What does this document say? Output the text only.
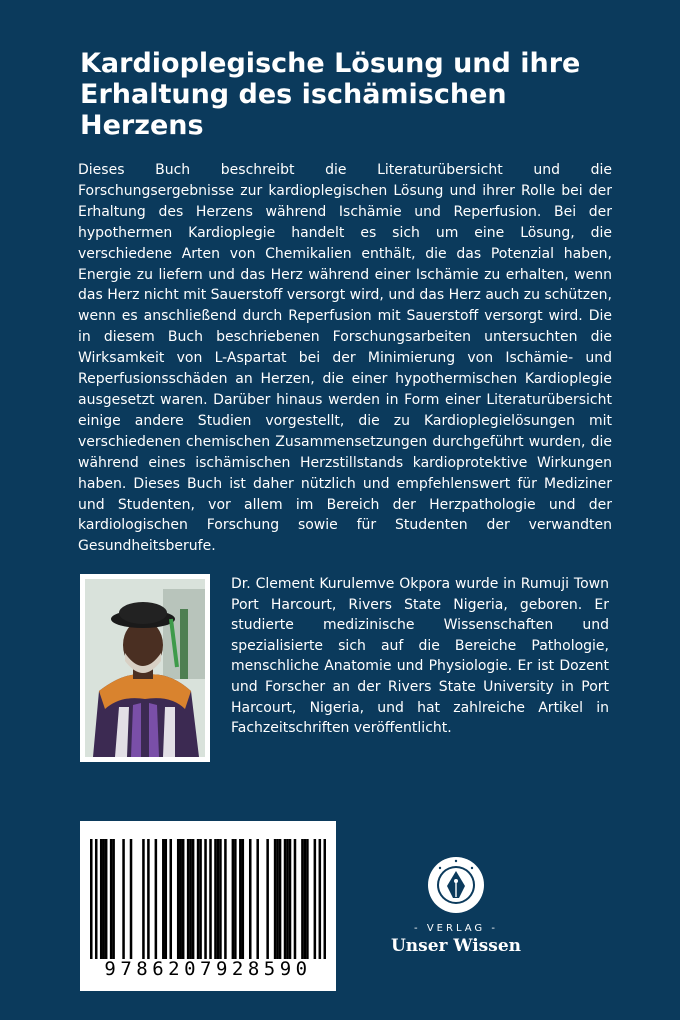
Kardioplegische Lösung und ihre Erhaltung des ischämischen Herzens

Dieses Buch beschreibt die Literaturübersicht und die Forschungsergebnisse zur kardioplegischen Lösung und ihrer Rolle bei der Erhaltung des Herzens während Ischämie und Reperfusion. Bei der hypothermen Kardioplegie handelt es sich um eine Lösung, die verschiedene Arten von Chemikalien enthält, die das Potenzial haben, Energie zu liefern und das Herz während einer Ischämie zu erhalten, wenn das Herz nicht mit Sauerstoff versorgt wird, und das Herz auch zu schützen, wenn es anschließend durch Reperfusion mit Sauerstoff versorgt wird. Die in diesem Buch beschriebenen Forschungsarbeiten untersuchten die Wirksamkeit von L-Aspartat bei der Minimierung von Ischämie- und Reperfusionsschäden an Herzen, die einer hypothermischen Kardioplegie ausgesetzt waren. Darüber hinaus werden in Form einer Literaturübersicht einige andere Studien vorgestellt, die zu Kardioplegielösungen mit verschiedenen chemischen Zusammensetzungen durchgeführt wurden, die während eines ischämischen Herzstillstands kardioprotektive Wirkungen haben. Dieses Buch ist daher nützlich und empfehlenswert für Mediziner und Studenten, vor allem im Bereich der Herzpathologie und der kardiologischen Forschung sowie für Studenten der verwandten Gesundheitsberufe.

Dr. Clement Kurulemve Okpora wurde in Rumuji Town Port Harcourt, Rivers State Nigeria, geboren. Er studierte medizinische Wissenschaften und spezialisierte sich auf die Bereiche Pathologie, menschliche Anatomie und Physiologie. Er ist Dozent und Forscher an der Rivers State University in Port Harcourt, Nigeria, und hat zahlreiche Artikel in Fachzeitschriften veröffentlicht.

9786207928590
- VERLAG -
Unser Wissen
